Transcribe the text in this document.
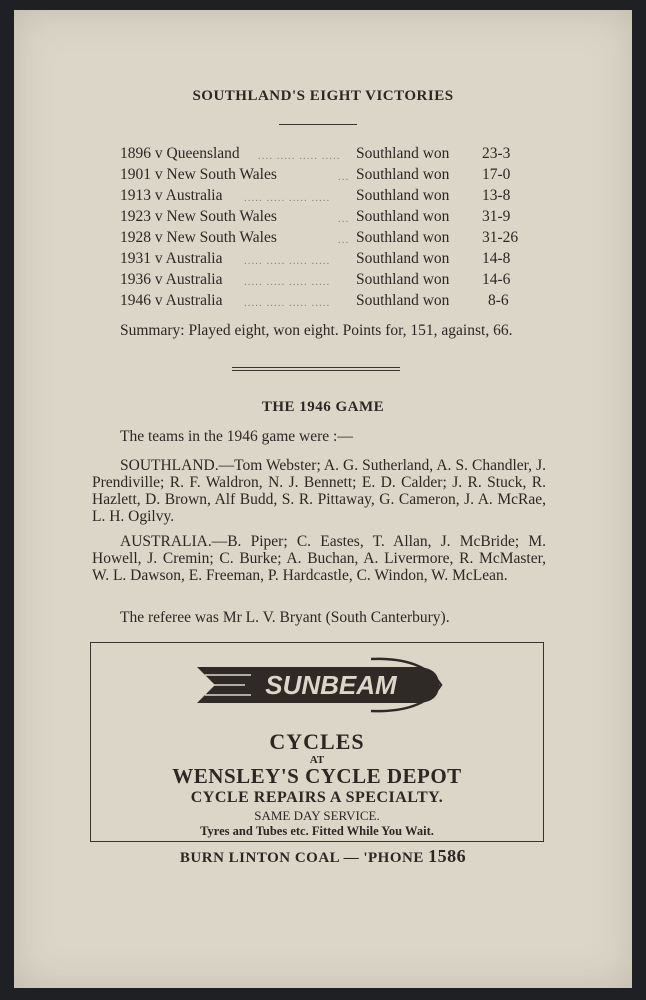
SOUTHLAND'S EIGHT VICTORIES
1896 v Queensland .... ..... ..... ..... Southland won 23-3
1901 v New South Wales	... Southland won 17-0
1913 v Australia ..... ..... ..... ..... Southland won 13-8
1923 v New South Wales	... Southland won 31-9
1928 v New South Wales	... Southland won 31-26
1931 v Australia ..... ..... ..... ..... Southland won 14-8
1936 v Australia ..... ..... ..... ..... Southland won 14-6
1946 v Australia ..... ..... ..... ..... Southland won 8-6
Summary: Played eight, won eight. Points for, 151, against, 66.
THE 1946 GAME
The teams in the 1946 game were :—
SOUTHLAND.—Tom Webster; A. G. Sutherland, A. S. Chandler, J. Prendiville; R. F. Waldron, N. J. Bennett; E. D. Calder; J. R. Stuck, R. Hazlett, D. Brown, Alf Budd, S. R. Pittaway, G. Cameron, J. A. McRae, L. H. Ogilvy.
AUSTRALIA.—B. Piper; C. Eastes, T. Allan, J. McBride; M. Howell, J. Cremin; C. Burke; A. Buchan, A. Livermore, R. McMaster, W. L. Dawson, E. Freeman, P. Hardcastle, C. Windon, W. McLean.
The referee was Mr L. V. Bryant (South Canterbury).
SUNBEAM
CYCLES
AT
WENSLEY'S CYCLE DEPOT
CYCLE REPAIRS A SPECIALTY.
SAME DAY SERVICE.
Tyres and Tubes etc. Fitted While You Wait.
BURN LINTON COAL — 'PHONE 1586
